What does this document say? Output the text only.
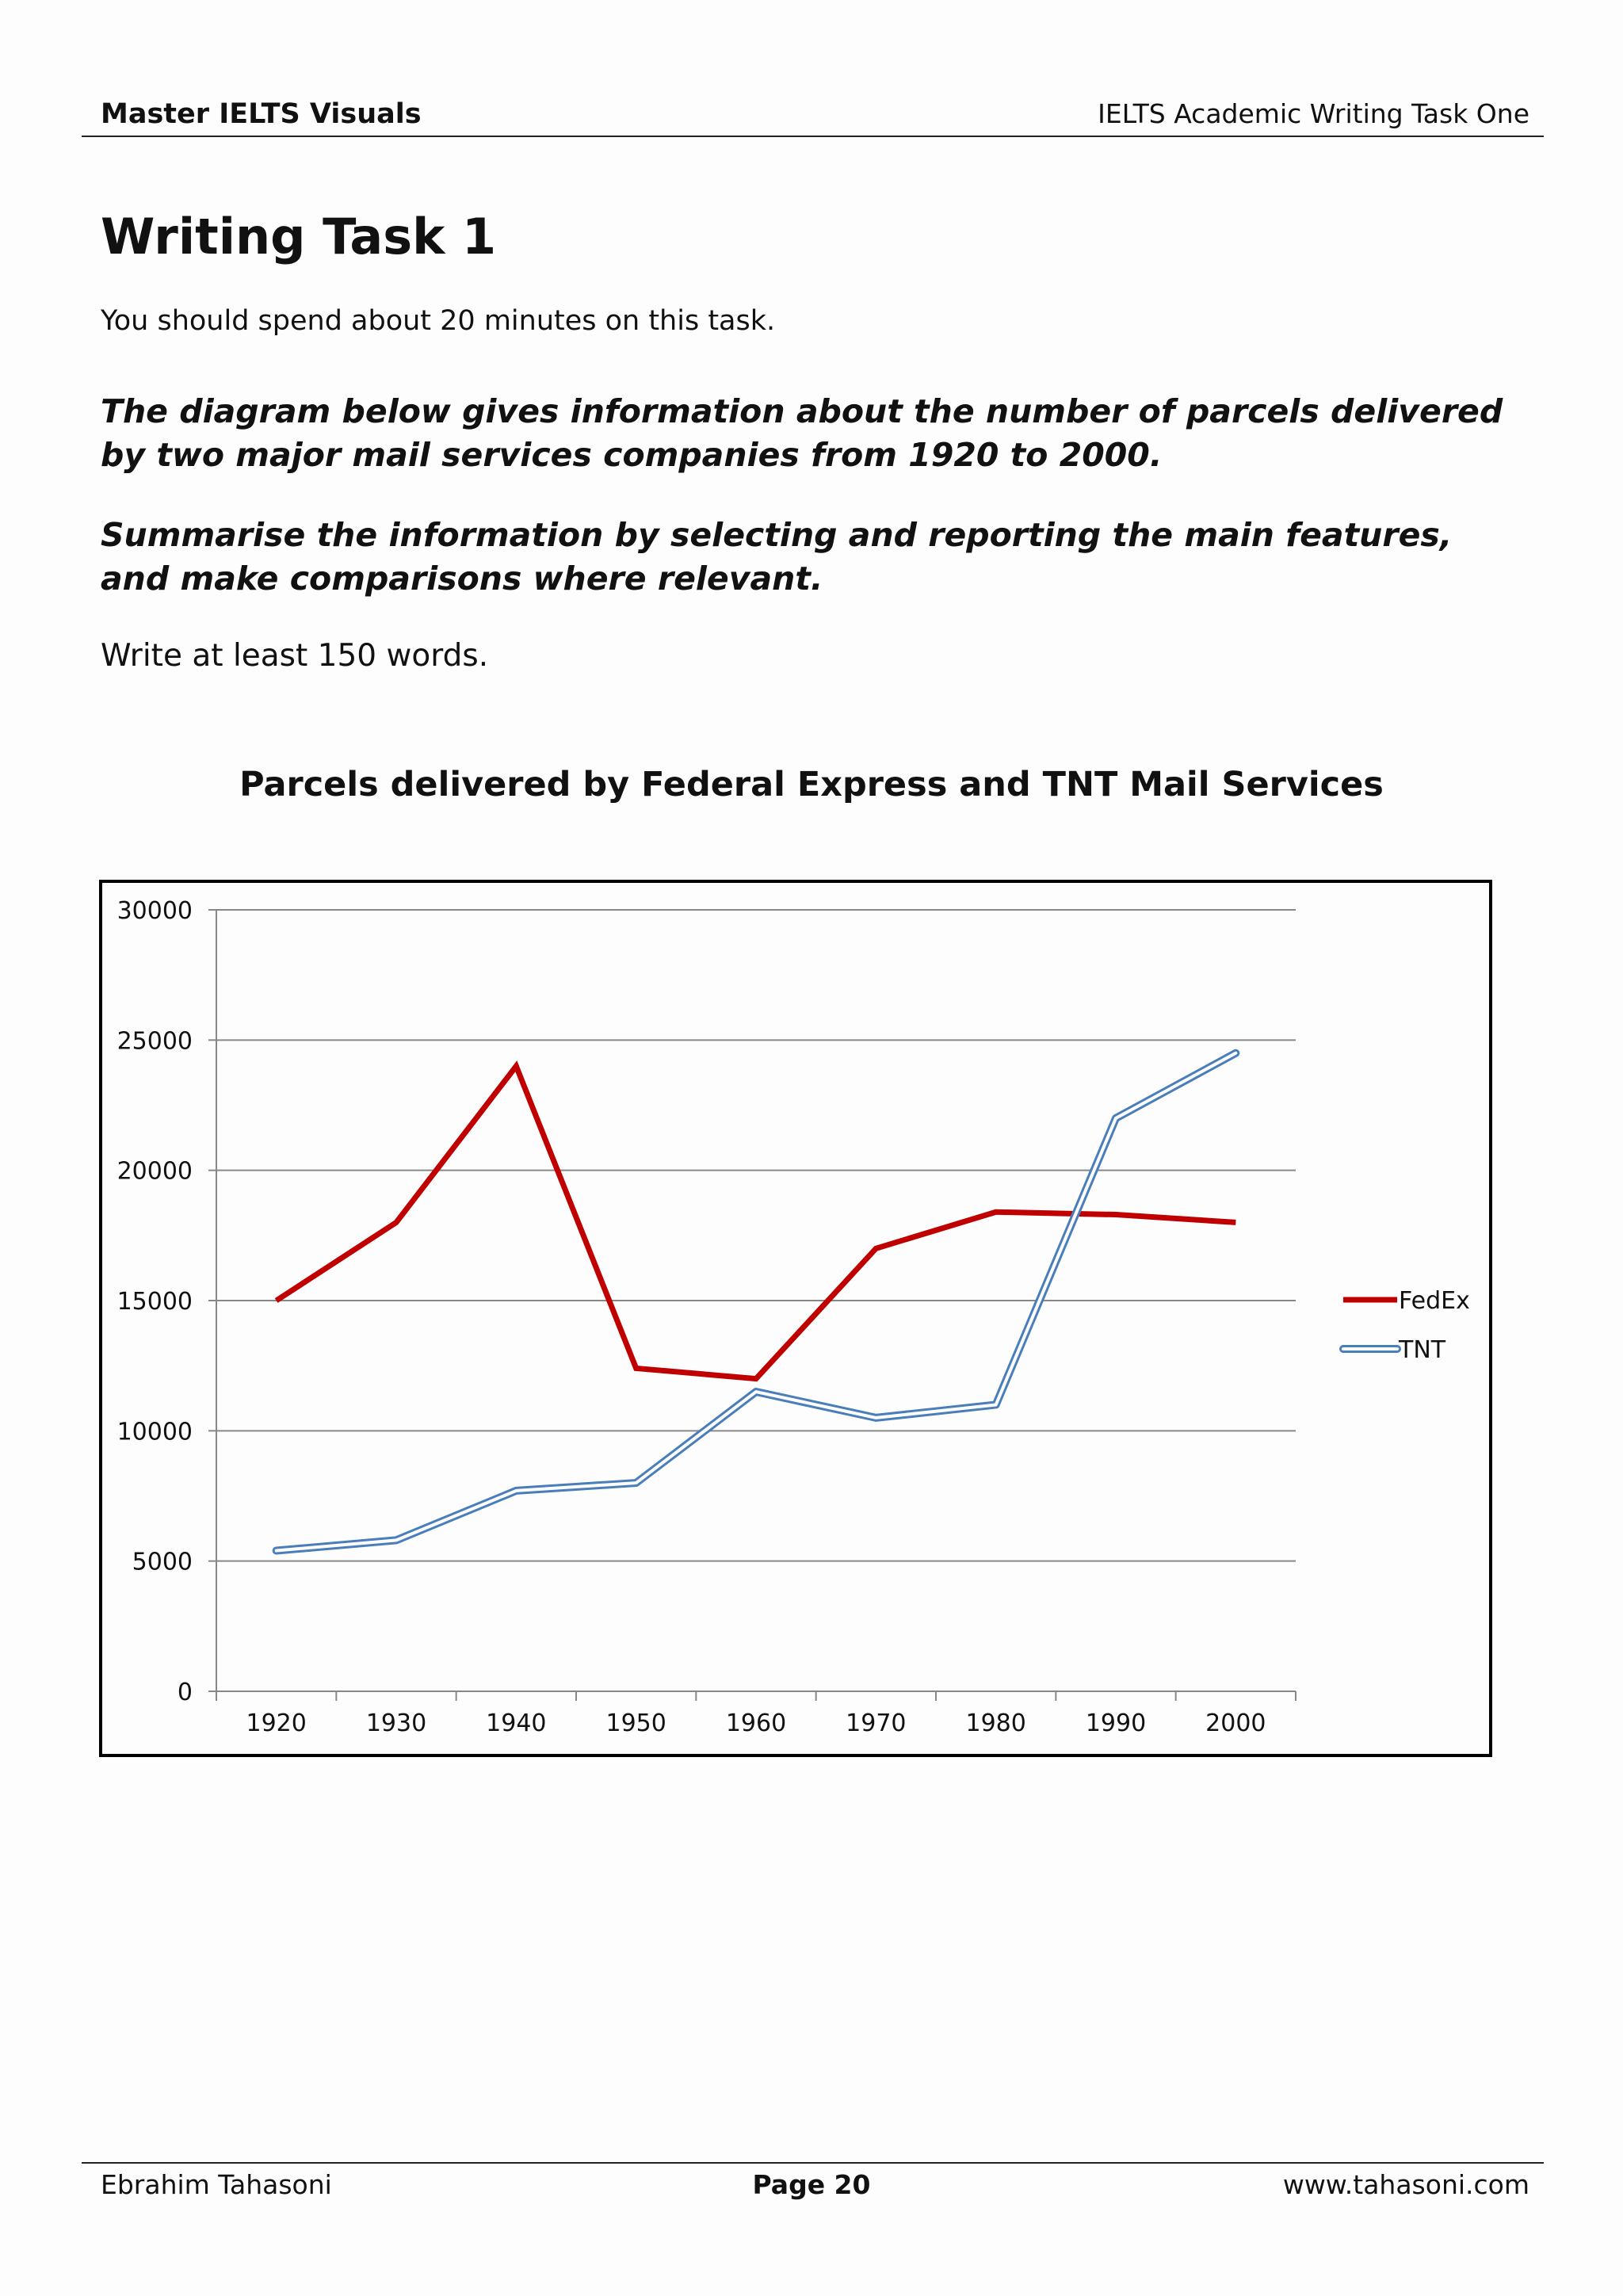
Master IELTS Visuals	IELTS Academic Writing Task One
Writing Task 1
You should spend about 20 minutes on this task.
The diagram below gives information about the number of parcels delivered by two major mail services companies from 1920 to 2000.
Summarise the information by selecting and reporting the main features, and make comparisons where relevant.
Write at least 150 words.
Parcels delivered by Federal Express and TNT Mail Services
0
5000
10000
15000
20000
25000
30000
1920 1930 1940 1950 1960 1970 1980 1990 2000
FedEx
TNT
Ebrahim Tahasoni	Page 20	www.tahasoni.com
